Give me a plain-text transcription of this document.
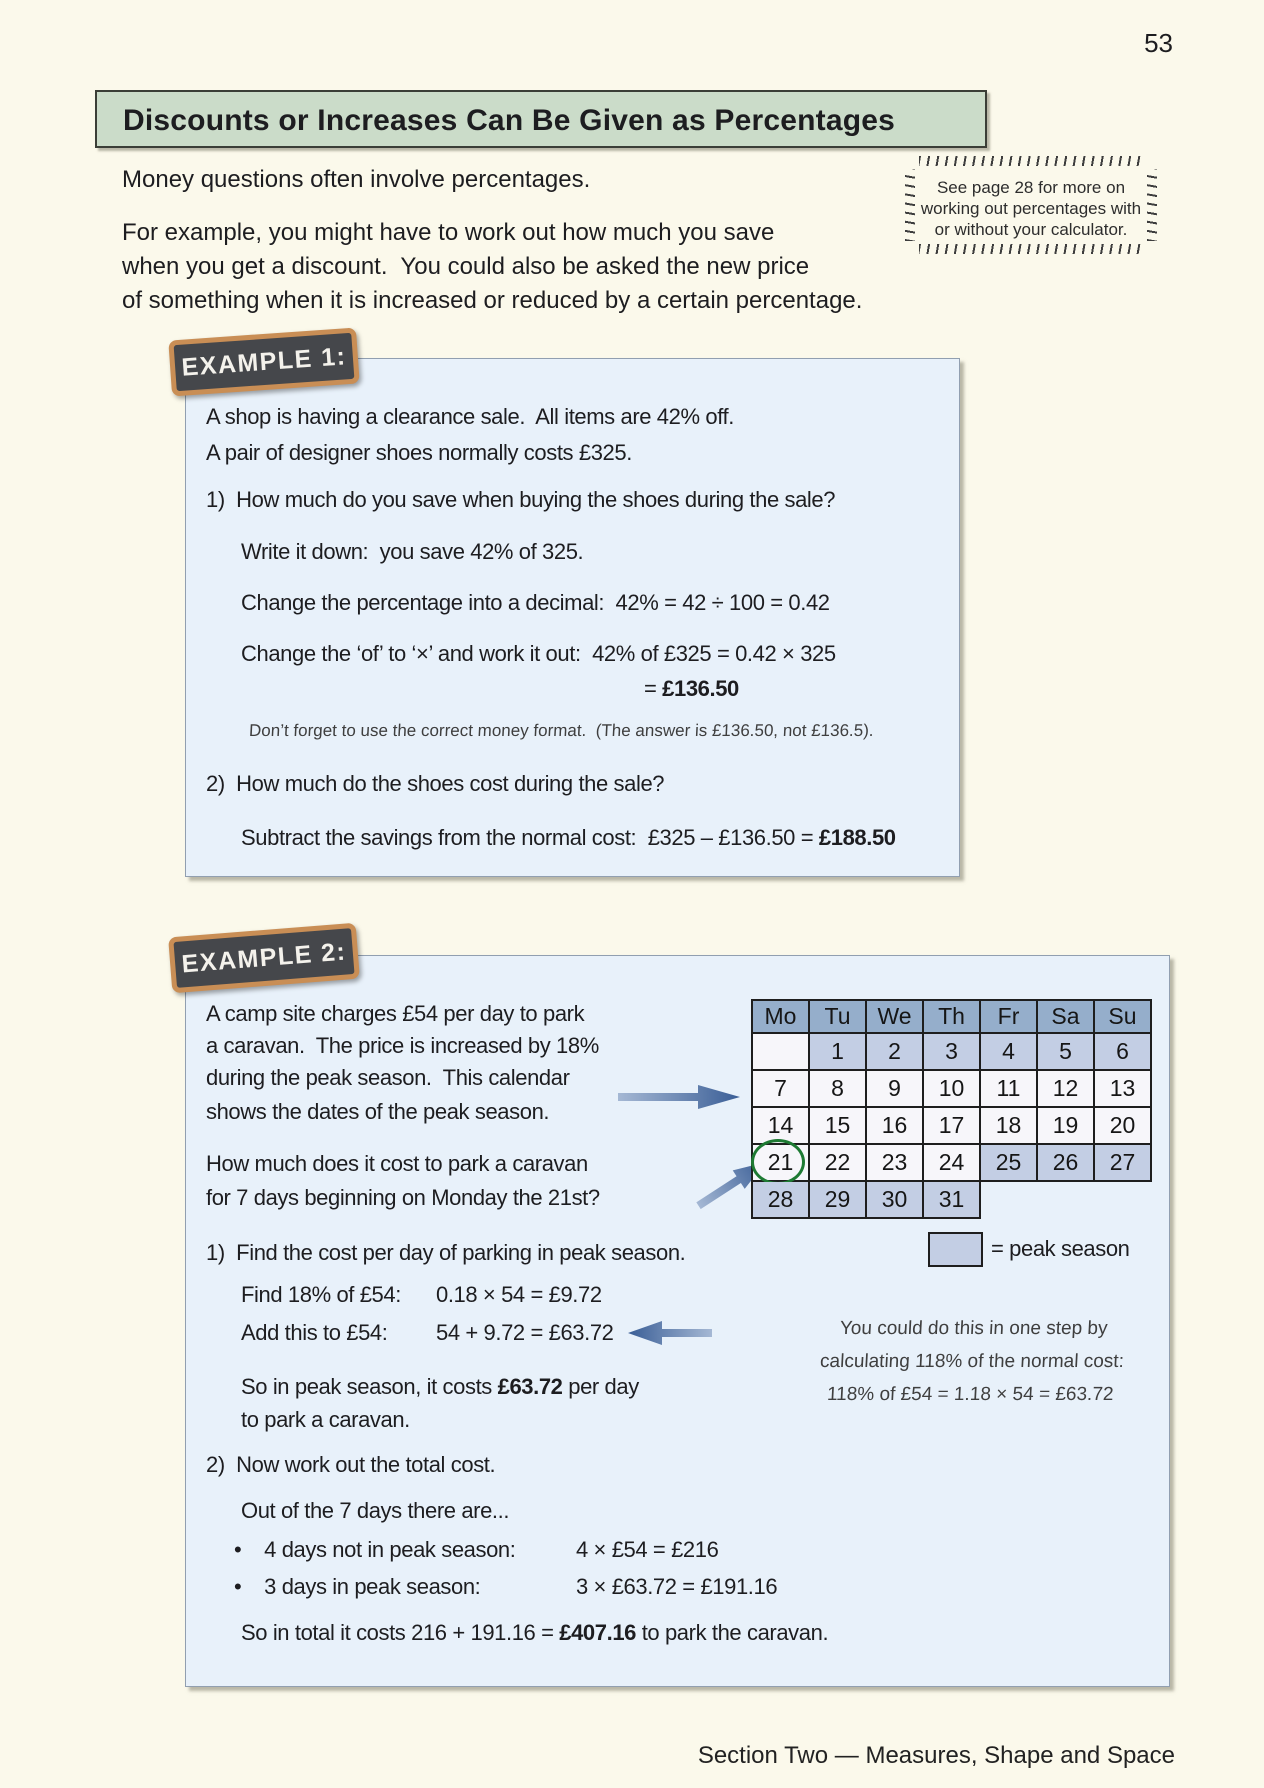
53
Discounts or Increases Can Be Given as Percentages
Money questions often involve percentages.
For example, you might have to work out how much you save
when you get a discount.  You could also be asked the new price
of something when it is increased or reduced by a certain percentage.
See page 28 for more on
working out percentages with
or without your calculator.
EXAMPLE 1:
A shop is having a clearance sale.  All items are 42% off.
A pair of designer shoes normally costs £325.
1)  How much do you save when buying the shoes during the sale?
Write it down:  you save 42% of 325.
Change the percentage into a decimal:  42% = 42 ÷ 100 = 0.42
Change the ‘of’ to ‘×’ and work it out:  42% of £325 = 0.42 × 325
= £136.50
Don’t forget to use the correct money format.  (The answer is £136.50, not £136.5).
2)  How much do the shoes cost during the sale?
Subtract the savings from the normal cost:  £325 – £136.50 = £188.50
EXAMPLE 2:
A camp site charges £54 per day to park
a caravan.  The price is increased by 18%
during the peak season.  This calendar
shows the dates of the peak season.
How much does it cost to park a caravan
for 7 days beginning on Monday the 21st?
Mo	Tu	We	Th	Fr	Sa	Su
	1	2	3	4	5	6
7	8	9	10	11	12	13
14	15	16	17	18	19	20
21	22	23	24	25	26	27
28	29	30	31			
= peak season
1)  Find the cost per day of parking in peak season.
Find 18% of £54: 0.18 × 54 = £9.72
Add this to £54: 54 + 9.72 = £63.72	You could do this in one step by
calculating 118% of the normal cost:
118% of £54 = 1.18 × 54 = £63.72
So in peak season, it costs £63.72 per day
to park a caravan.
2)  Now work out the total cost.
Out of the 7 days there are...
•    4 days not in peak season:	4 × £54 = £216
•    3 days in peak season:	3 × £63.72 = £191.16
So in total it costs 216 + 191.16 = £407.16 to park the caravan.
Section Two — Measures, Shape and Space
